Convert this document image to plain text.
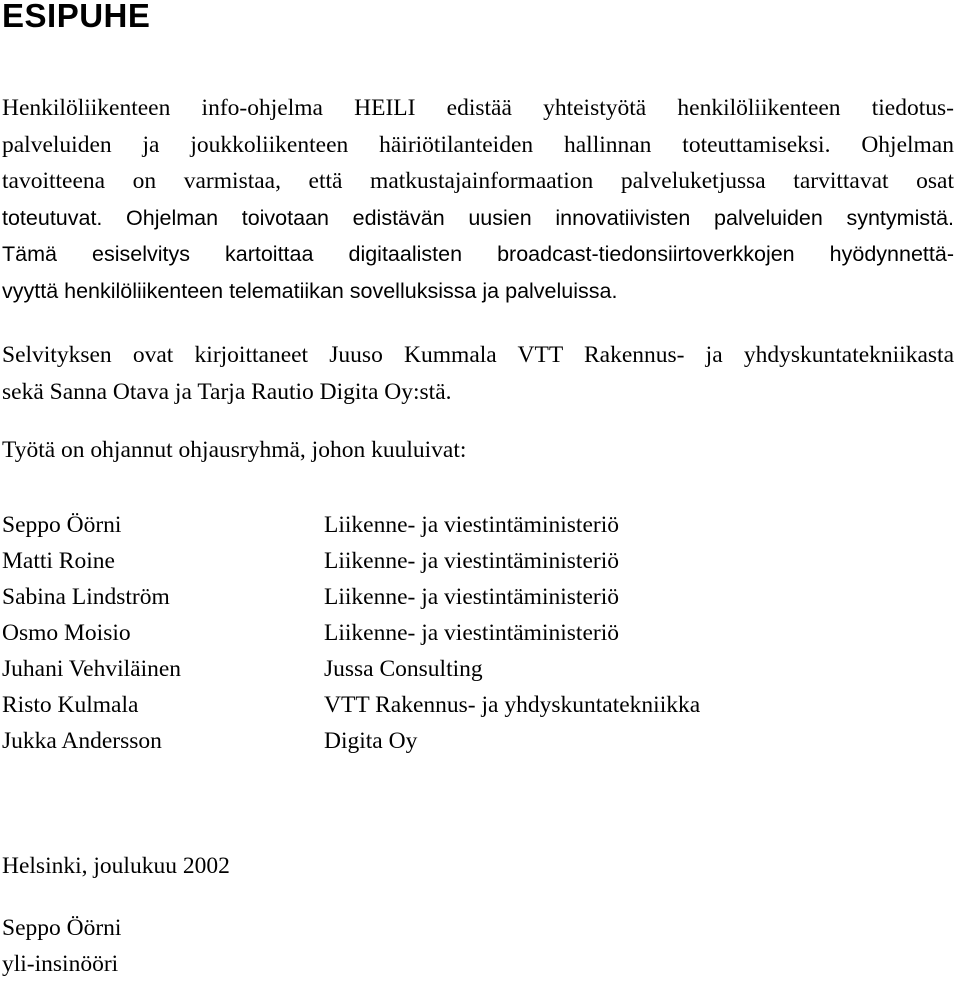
ESIPUHE

Henkilöliikenteen info-ohjelma HEILI edistää yhteistyötä henkilöliikenteen tiedotus-
palveluiden ja joukkoliikenteen häiriötilanteiden hallinnan toteuttamiseksi. Ohjelman
tavoitteena on varmistaa, että matkustajainformaation palveluketjussa tarvittavat osat
toteutuvat. Ohjelman toivotaan edistävän uusien innovatiivisten palveluiden syntymistä.
Tämä esiselvitys kartoittaa digitaalisten broadcast-tiedonsiirtoverkkojen hyödynnettä-
vyyttä henkilöliikenteen telematiikan sovelluksissa ja palveluissa.

Selvityksen ovat kirjoittaneet Juuso Kummala VTT Rakennus- ja yhdyskuntatekniikasta
sekä Sanna Otava ja Tarja Rautio Digita Oy:stä.

Työtä on ohjannut ohjausryhmä, johon kuuluivat:

Seppo Öörni	Liikenne- ja viestintäministeriö
Matti Roine	Liikenne- ja viestintäministeriö
Sabina Lindström	Liikenne- ja viestintäministeriö
Osmo Moisio	Liikenne- ja viestintäministeriö
Juhani Vehviläinen	Jussa Consulting
Risto Kulmala	VTT Rakennus- ja yhdyskuntatekniikka
Jukka Andersson	Digita Oy

Helsinki, joulukuu 2002

Seppo Öörni

yli-insinööri
